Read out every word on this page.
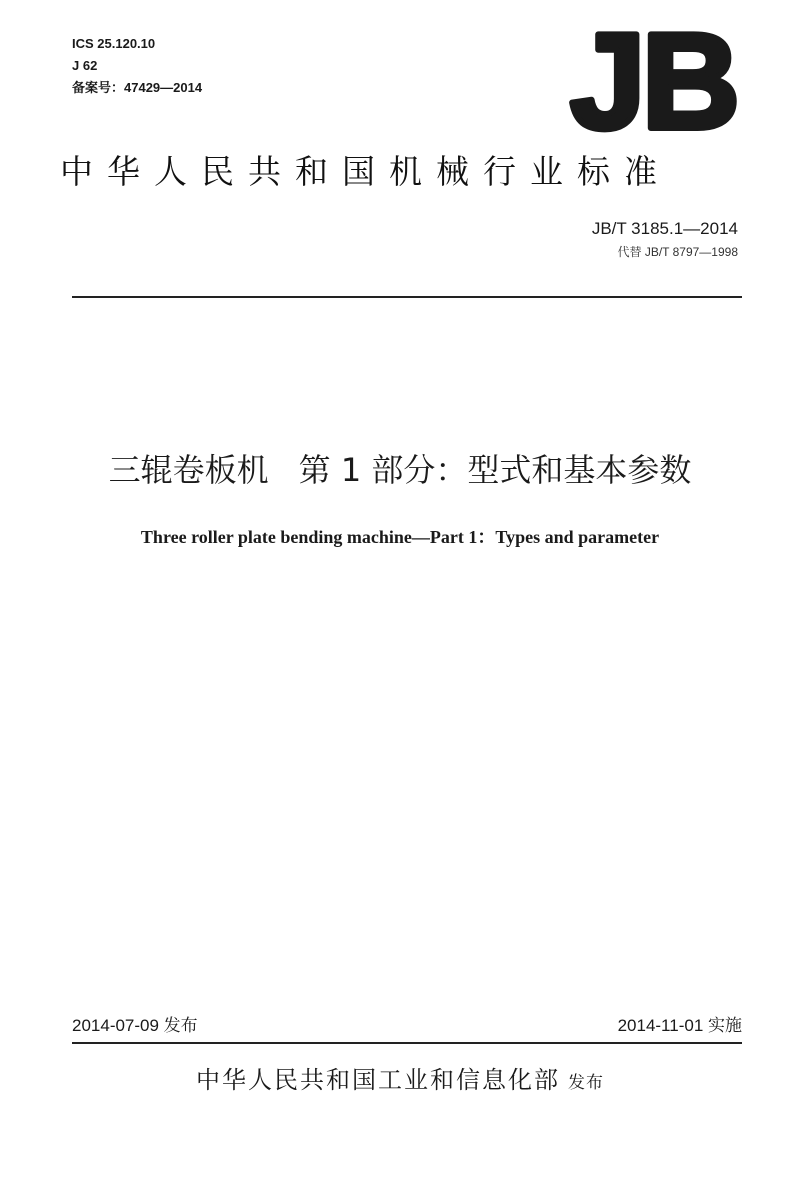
ICS 25.120.10
J 62
备案号：47429—2014	JB
中华人民共和国机械行业标准
JB/T 3185.1—2014
代替 JB/T 8797—1998
三辊卷板机 第 1 部分：型式和基本参数
Three roller plate bending machine—Part 1：Types and parameter
2014-07-09 发布	2014-11-01 实施
中华人民共和国工业和信息化部 发布
